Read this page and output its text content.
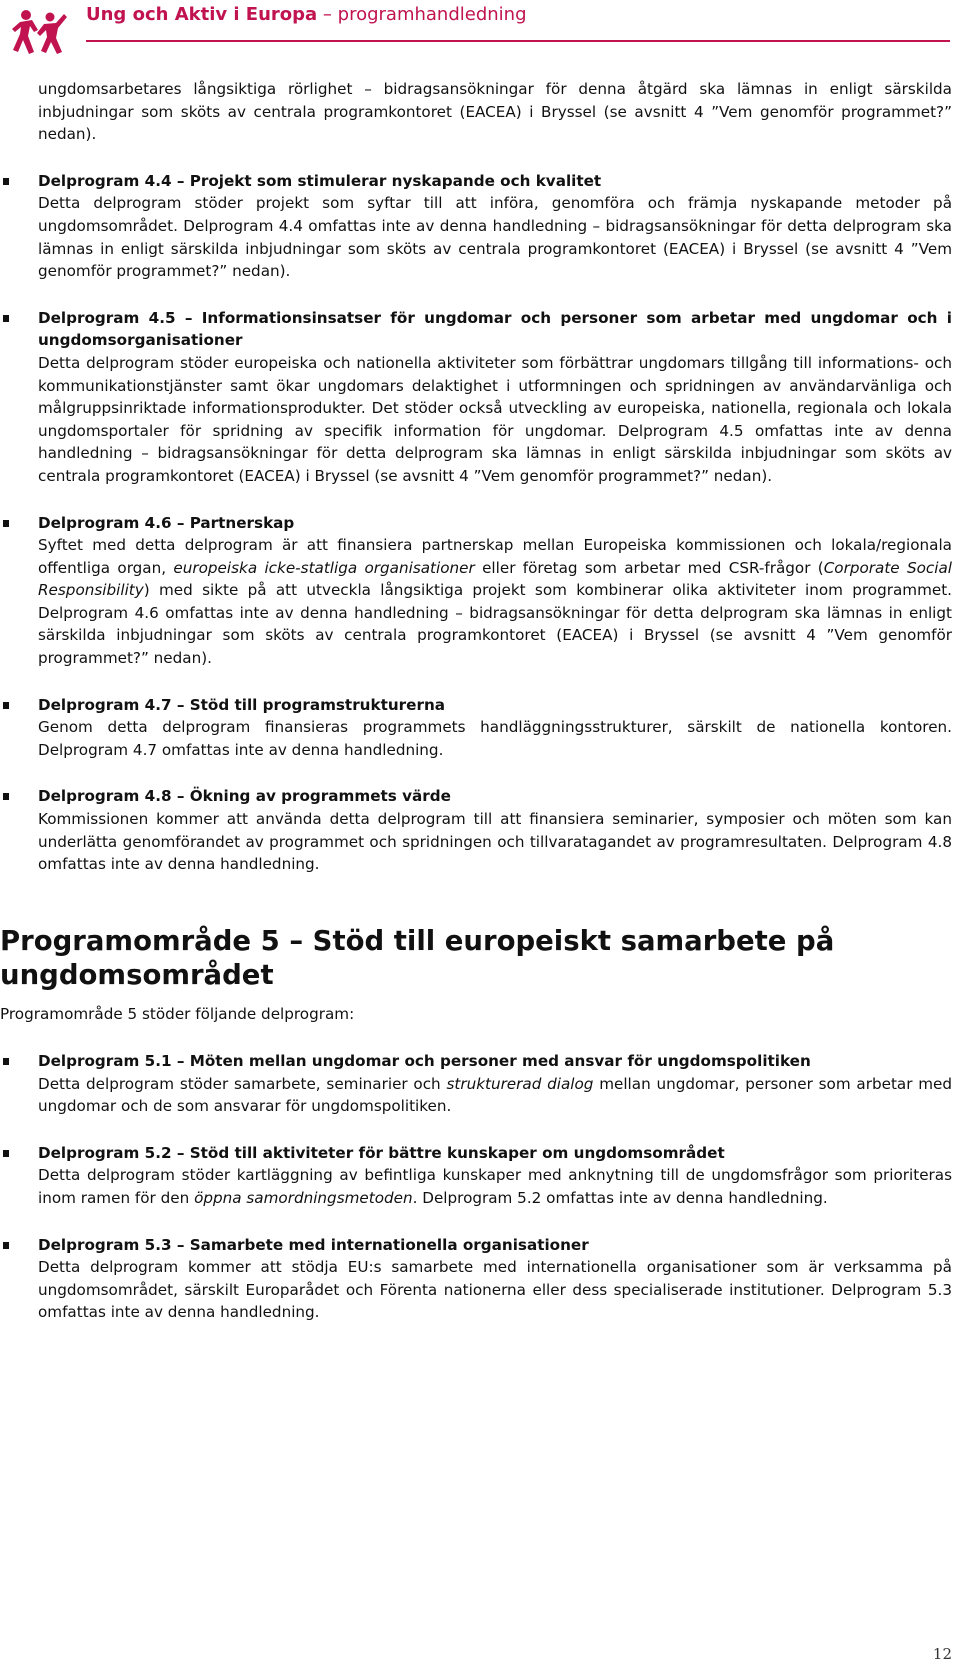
Ung och Aktiv i Europa – programhandledning

ungdomsarbetares långsiktiga rörlighet – bidragsansökningar för denna åtgärd ska lämnas in enligt särskilda inbjudningar som sköts av centrala programkontoret (EACEA) i Bryssel (se avsnitt 4 ”Vem genomför programmet?” nedan).

Delprogram 4.4 – Projekt som stimulerar nyskapande och kvalitet

Detta delprogram stöder projekt som syftar till att införa, genomföra och främja nyskapande metoder på ungdomsområdet. Delprogram 4.4 omfattas inte av denna handledning – bidragsansökningar för detta delprogram ska lämnas in enligt särskilda inbjudningar som sköts av centrala programkontoret (EACEA) i Bryssel (se avsnitt 4 ”Vem genomför programmet?” nedan).

Delprogram 4.5 – Informationsinsatser för ungdomar och personer som arbetar med ungdomar och i ungdomsorganisationer

Detta delprogram stöder europeiska och nationella aktiviteter som förbättrar ungdomars tillgång till informations- och kommunikationstjänster samt ökar ungdomars delaktighet i utformningen och spridningen av användarvänliga och målgruppsinriktade informationsprodukter. Det stöder också utveckling av europeiska, nationella, regionala och lokala ungdomsportaler för spridning av specifik information för ungdomar. Delprogram 4.5 omfattas inte av denna handledning – bidragsansökningar för detta delprogram ska lämnas in enligt särskilda inbjudningar som sköts av centrala programkontoret (EACEA) i Bryssel (se avsnitt 4 ”Vem genomför programmet?” nedan).

Delprogram 4.6 – Partnerskap

Syftet med detta delprogram är att finansiera partnerskap mellan Europeiska kommissionen och lokala/regionala offentliga organ, europeiska icke-statliga organisationer eller företag som arbetar med CSR-frågor (Corporate Social Responsibility) med sikte på att utveckla långsiktiga projekt som kombinerar olika aktiviteter inom programmet. Delprogram 4.6 omfattas inte av denna handledning – bidragsansökningar för detta delprogram ska lämnas in enligt särskilda inbjudningar som sköts av centrala programkontoret (EACEA) i Bryssel (se avsnitt 4 ”Vem genomför programmet?” nedan).

Delprogram 4.7 – Stöd till programstrukturerna

Genom detta delprogram finansieras programmets handläggningsstrukturer, särskilt de nationella kontoren. Delprogram 4.7 omfattas inte av denna handledning.

Delprogram 4.8 – Ökning av programmets värde

Kommissionen kommer att använda detta delprogram till att finansiera seminarier, symposier och möten som kan underlätta genomförandet av programmet och spridningen och tillvaratagandet av programresultaten. Delprogram 4.8 omfattas inte av denna handledning.

Programområde 5 – Stöd till europeiskt samarbete på ungdomsområdet
Programområde 5 stöder följande delprogram:

Delprogram 5.1 – Möten mellan ungdomar och personer med ansvar för ungdomspolitiken

Detta delprogram stöder samarbete, seminarier och strukturerad dialog mellan ungdomar, personer som arbetar med ungdomar och de som ansvarar för ungdomspolitiken.

Delprogram 5.2 – Stöd till aktiviteter för bättre kunskaper om ungdomsområdet

Detta delprogram stöder kartläggning av befintliga kunskaper med anknytning till de ungdomsfrågor som prioriteras inom ramen för den öppna samordningsmetoden. Delprogram 5.2 omfattas inte av denna handledning.

Delprogram 5.3 – Samarbete med internationella organisationer

Detta delprogram kommer att stödja EU:s samarbete med internationella organisationer som är verksamma på ungdomsområdet, särskilt Europarådet och Förenta nationerna eller dess specialiserade institutioner. Delprogram 5.3 omfattas inte av denna handledning.

12
